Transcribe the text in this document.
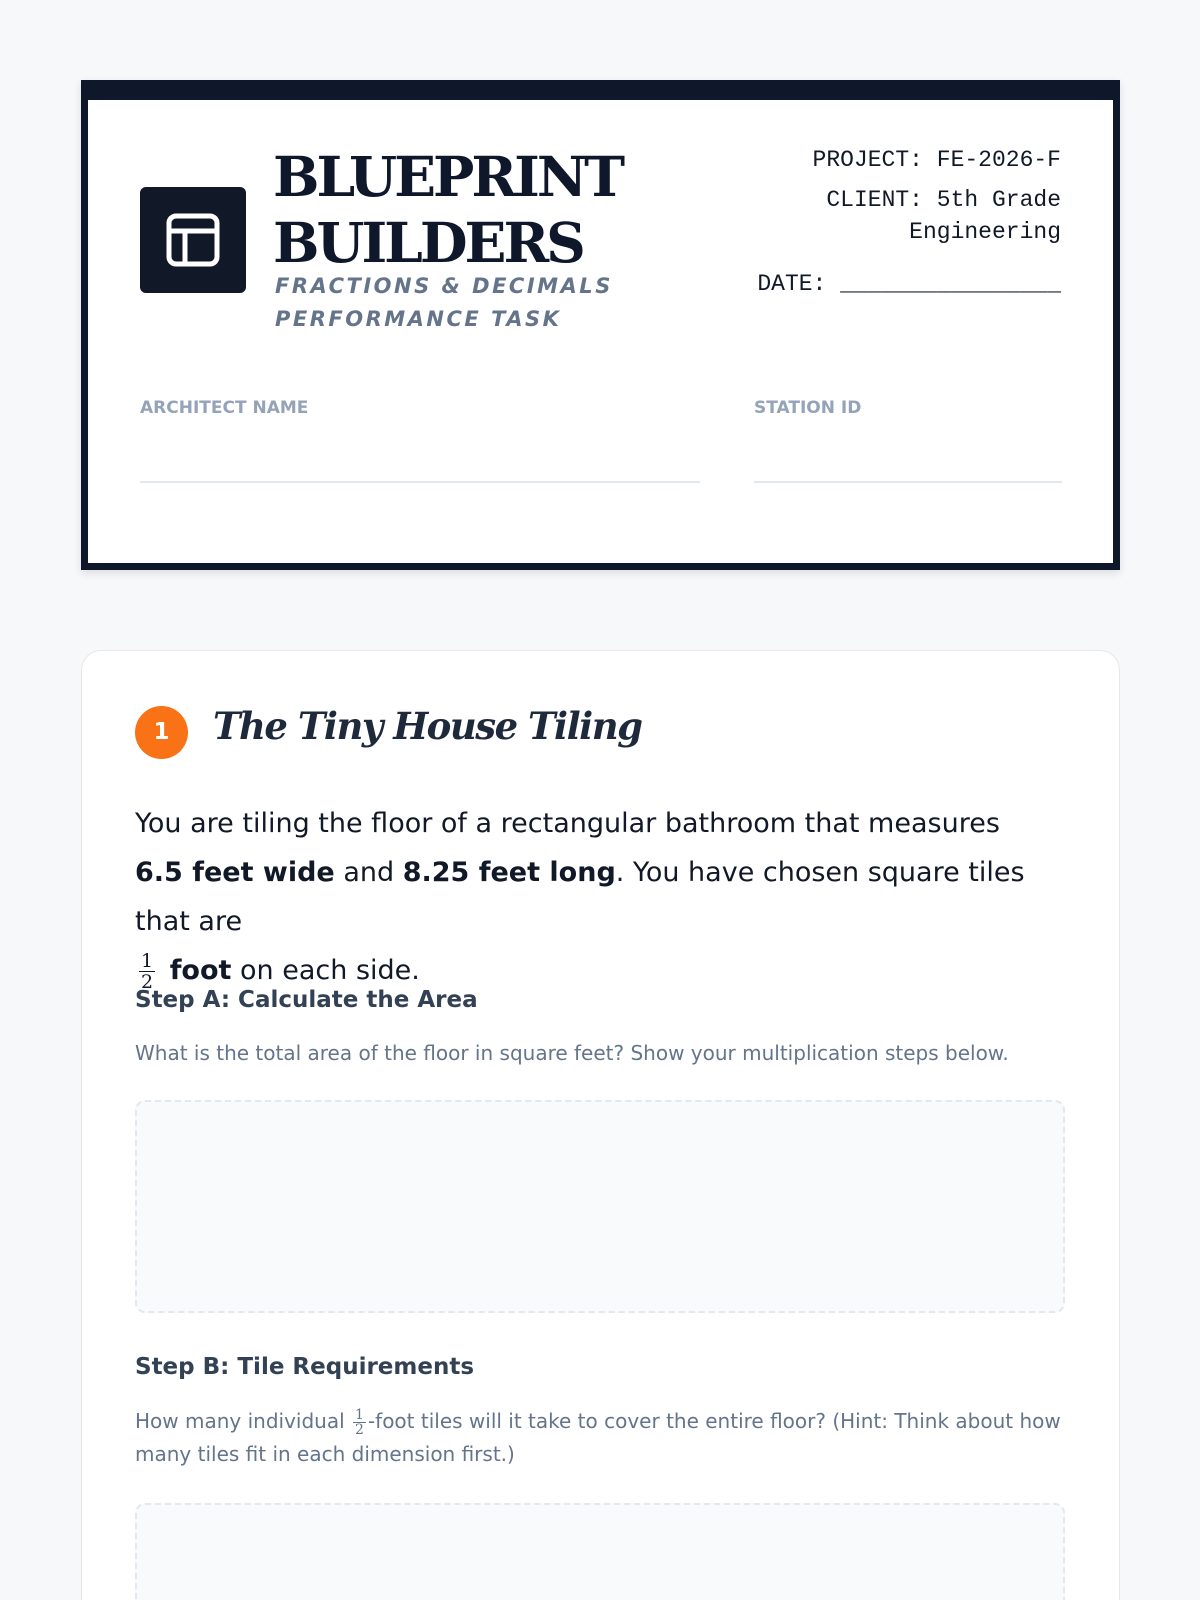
BLUEPRINT
BUILDERS
FRACTIONS & DECIMALS
PERFORMANCE TASK
PROJECT: FE-2026-F
CLIENT: 5th Grade Engineering
DATE: ________________
ARCHITECT NAME	STATION ID
1	The Tiny House Tiling
You are tiling the floor of a rectangular bathroom that measures 6.5 feet wide and 8.25 feet long. You have chosen square tiles that are

$\frac{1}{2}$ foot on each side.
Step A: Calculate the Area
What is the total area of the floor in square feet? Show your multiplication steps below.
Step B: Tile Requirements
How many individual $\frac{1}{2}$ -foot tiles will it take to cover the entire floor? (Hint: Think about how many tiles fit in each dimension first.)
